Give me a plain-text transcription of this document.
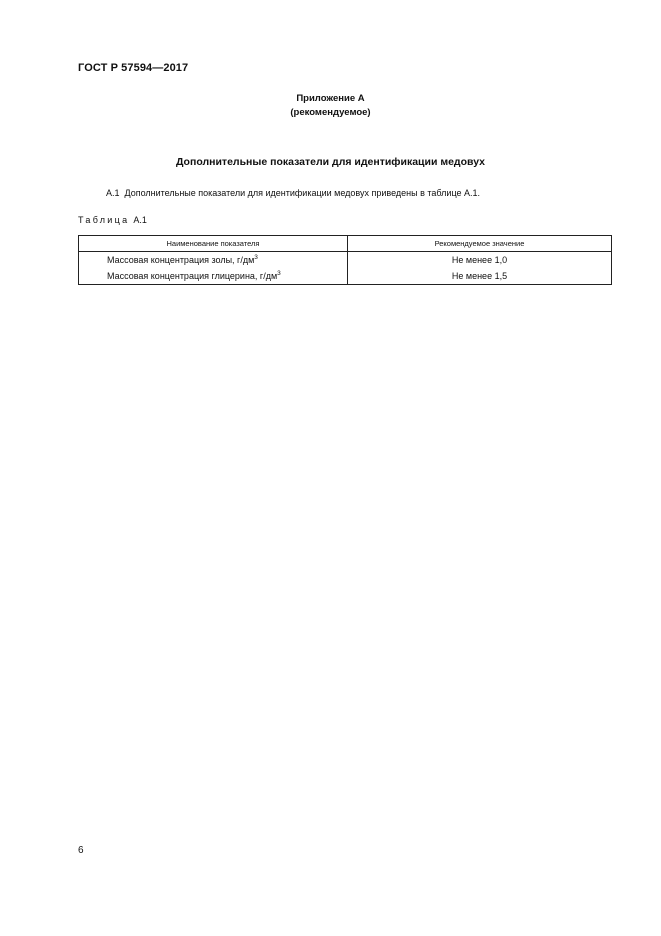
ГОСТ Р 57594—2017
Приложение А
(рекомендуемое)
Дополнительные показатели для идентификации медовух
А.1 Дополнительные показатели для идентификации медовух приведены в таблице А.1.
Таблица А.1
Наименование показателя	Рекомендуемое значение
Массовая концентрация золы, $г/дм^3$	Не менее 1,0
Массовая концентрация глицерина, $г/дм^3$	Не менее 1,5
6
